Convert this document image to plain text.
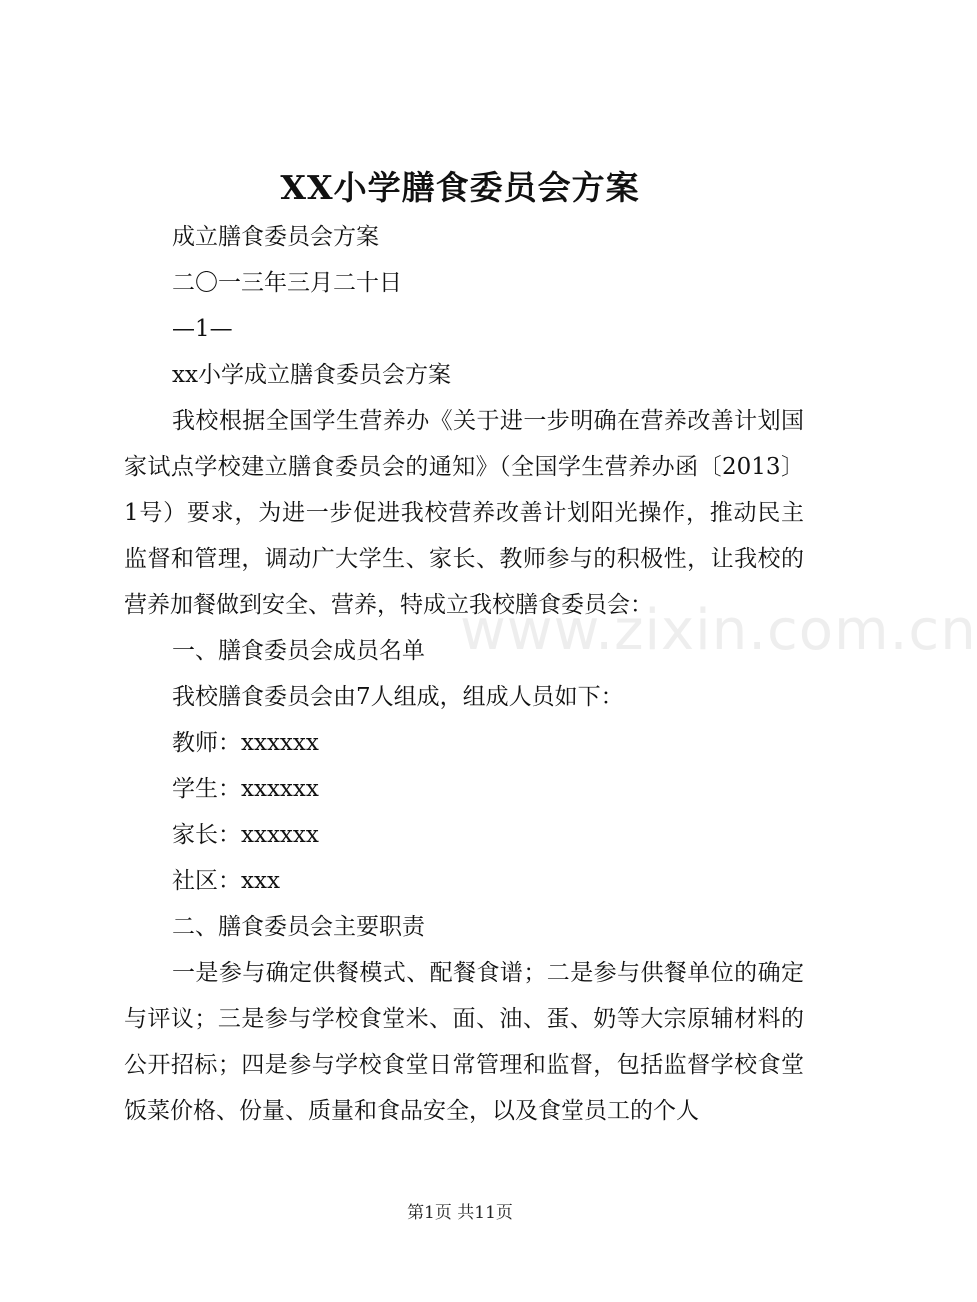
XX小学膳食委员会方案
成立膳食委员会方案
二〇一三年三月二十日
—1—
xx小学成立膳食委员会方案

我校根据全国学生营养办《关于进一步明确在营养改善计划国家试点学校建立膳食委员会的通知》（全国学生营养办函〔2013〕1号）要求，为进一步促进我校营养改善计划阳光操作，推动民主监督和管理，调动广大学生、家长、教师参与的积极性，让我校的营养加餐做到安全、营养，特成立我校膳食委员会：

一、膳食委员会成员名单
我校膳食委员会由7人组成，组成人员如下：
教师：xxxxxx
学生：xxxxxx
家长：xxxxxx
社区：xxx
二、膳食委员会主要职责

一是参与确定供餐模式、配餐食谱；二是参与供餐单位的确定与评议；三是参与学校食堂米、面、油、蛋、奶等大宗原辅材料的公开招标；四是参与学校食堂日常管理和监督，包括监督学校食堂饭菜价格、份量、质量和食品安全，以及食堂员工的个人

www.zixin.com.cn
第1页 共11页
